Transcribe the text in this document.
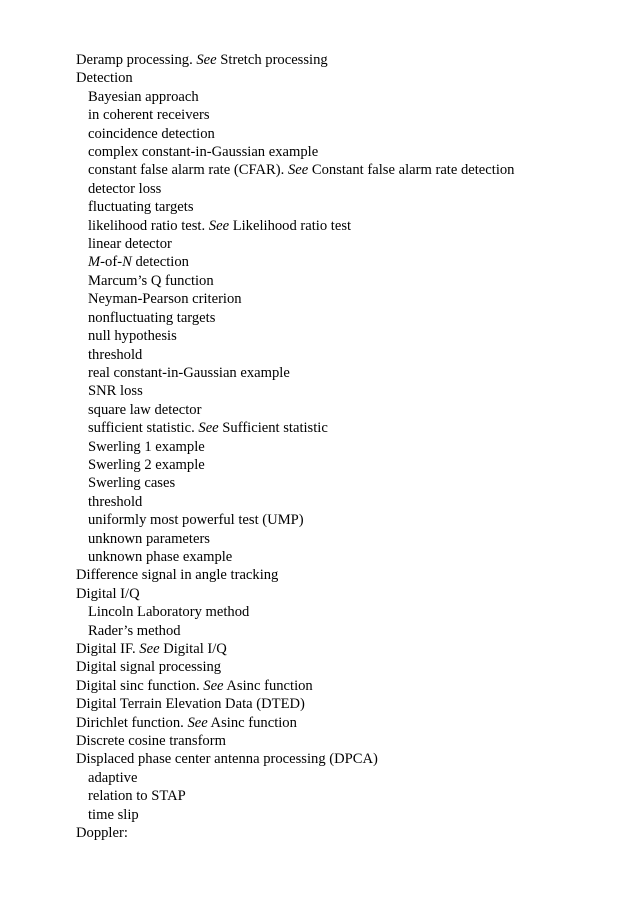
Deramp processing. See Stretch processing
Detection
Bayesian approach
in coherent receivers
coincidence detection
complex constant-in-Gaussian example
constant false alarm rate (CFAR). See Constant false alarm rate detection
detector loss
fluctuating targets
likelihood ratio test. See Likelihood ratio test
linear detector
M-of-N detection
Marcum’s Q function
Neyman-Pearson criterion
nonfluctuating targets
null hypothesis
threshold
real constant-in-Gaussian example
SNR loss
square law detector
sufficient statistic. See Sufficient statistic
Swerling 1 example
Swerling 2 example
Swerling cases
threshold
uniformly most powerful test (UMP)
unknown parameters
unknown phase example
Difference signal in angle tracking
Digital I/Q
Lincoln Laboratory method
Rader’s method
Digital IF. See Digital I/Q
Digital signal processing
Digital sinc function. See Asinc function
Digital Terrain Elevation Data (DTED)
Dirichlet function. See Asinc function
Discrete cosine transform
Displaced phase center antenna processing (DPCA)
adaptive
relation to STAP
time slip
Doppler:
